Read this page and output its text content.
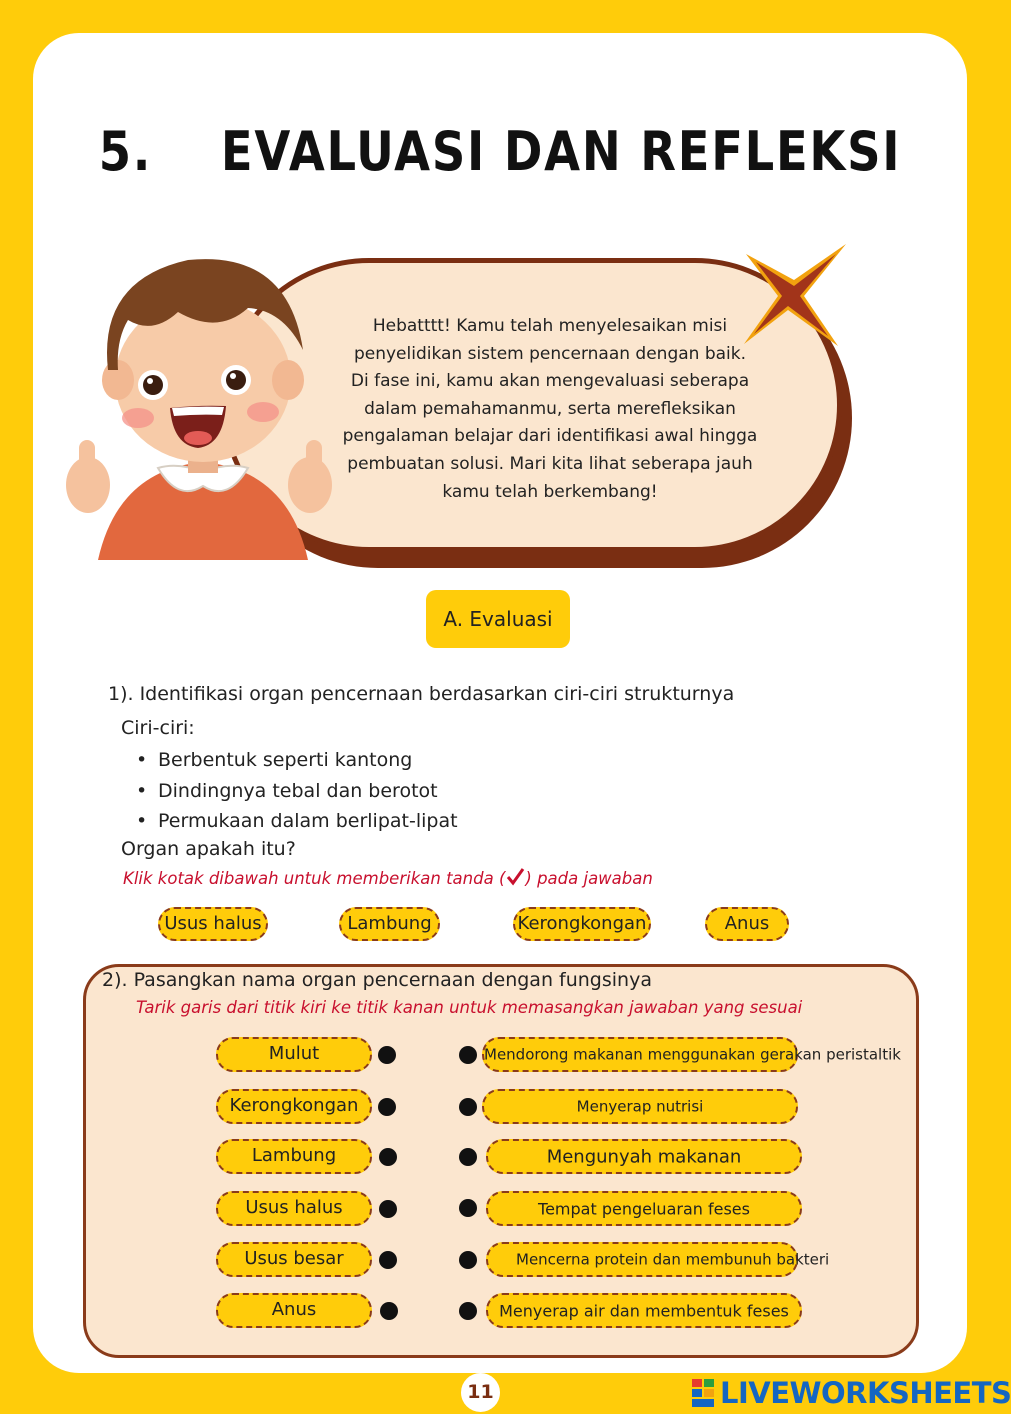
5. EVALUASI DAN REFLEKSI
Hebatttt! Kamu telah menyelesaikan misi
penyelidikan sistem pencernaan dengan baik.
Di fase ini, kamu akan mengevaluasi seberapa
dalam pemahamanmu, serta merefleksikan
pengalaman belajar dari identifikasi awal hingga
pembuatan solusi. Mari kita lihat seberapa jauh
kamu telah berkembang!
A. Evaluasi
1). Identifikasi organ pencernaan berdasarkan ciri-ciri strukturnya
Ciri-ciri:
• Berbentuk seperti kantong
• Dindingnya tebal dan berotot
• Permukaan dalam berlipat-lipat
Organ apakah itu?
Klik kotak dibawah untuk memberikan tanda ( ) pada jawaban
Usus halus	Lambung	Kerongkongan	Anus
2). Pasangkan nama organ pencernaan dengan fungsinya
Tarik garis dari titik kiri ke titik kanan untuk memasangkan jawaban yang sesuai
Mulut	Mendorong makanan menggunakan gerakan peristaltik
Kerongkongan	Menyerap nutrisi
Lambung	Mengunyah makanan
Usus halus	Tempat pengeluaran feses
Usus besar	Mencerna protein dan membunuh bakteri
Anus	Menyerap air dan membentuk feses
11	LIVEWORKSHEETS
